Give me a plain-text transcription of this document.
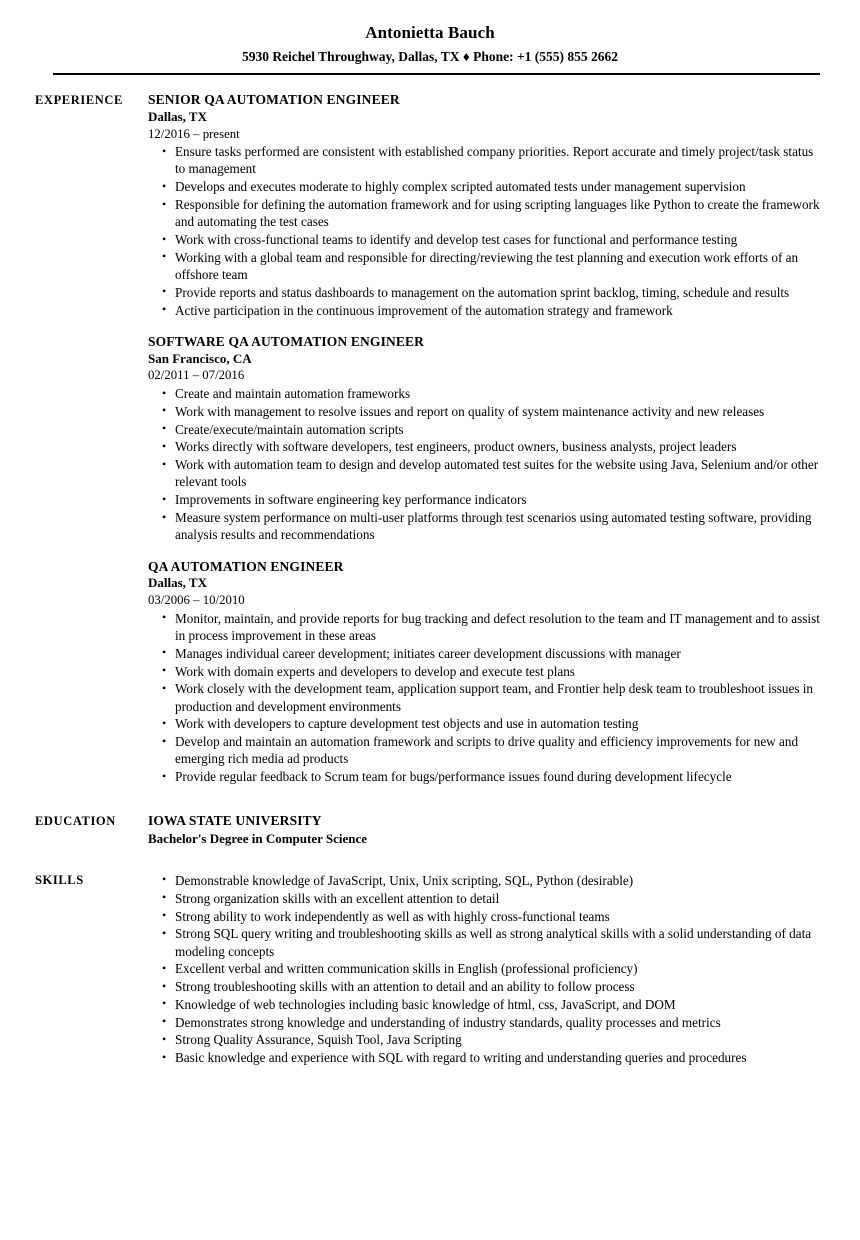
Antonietta Bauch
5930 Reichel Throughway, Dallas, TX ♦ Phone: +1 (555) 855 2662
EXPERIENCE	SENIOR QA AUTOMATION ENGINEER
Dallas, TX
12/2016 – present
• Ensure tasks performed are consistent with established company priorities. Report accurate and timely project/task status to management
• Develops and executes moderate to highly complex scripted automated tests under management supervision
• Responsible for defining the automation framework and for using scripting languages like Python to create the framework and automating the test cases
• Work with cross-functional teams to identify and develop test cases for functional and performance testing
• Working with a global team and responsible for directing/reviewing the test planning and execution work efforts of an offshore team
• Provide reports and status dashboards to management on the automation sprint backlog, timing, schedule and results
• Active participation in the continuous improvement of the automation strategy and framework
SOFTWARE QA AUTOMATION ENGINEER
San Francisco, CA
02/2011 – 07/2016
• Create and maintain automation frameworks
• Work with management to resolve issues and report on quality of system maintenance activity and new releases
• Create/execute/maintain automation scripts
• Works directly with software developers, test engineers, product owners, business analysts, project leaders
• Work with automation team to design and develop automated test suites for the website using Java, Selenium and/or other relevant tools
• Improvements in software engineering key performance indicators
• Measure system performance on multi-user platforms through test scenarios using automated testing software, providing analysis results and recommendations
QA AUTOMATION ENGINEER
Dallas, TX
03/2006 – 10/2010
• Monitor, maintain, and provide reports for bug tracking and defect resolution to the team and IT management and to assist in process improvement in these areas
• Manages individual career development; initiates career development discussions with manager
• Work with domain experts and developers to develop and execute test plans
• Work closely with the development team, application support team, and Frontier help desk team to troubleshoot issues in production and development environments
• Work with developers to capture development test objects and use in automation testing
• Develop and maintain an automation framework and scripts to drive quality and efficiency improvements for new and emerging rich media ad products
• Provide regular feedback to Scrum team for bugs/performance issues found during development lifecycle
EDUCATION	IOWA STATE UNIVERSITY
Bachelor's Degree in Computer Science
SKILLS	• Demonstrable knowledge of JavaScript, Unix, Unix scripting, SQL, Python (desirable)
• Strong organization skills with an excellent attention to detail
• Strong ability to work independently as well as with highly cross-functional teams
• Strong SQL query writing and troubleshooting skills as well as strong analytical skills with a solid understanding of data modeling concepts
• Excellent verbal and written communication skills in English (professional proficiency)
• Strong troubleshooting skills with an attention to detail and an ability to follow process
• Knowledge of web technologies including basic knowledge of html, css, JavaScript, and DOM
• Demonstrates strong knowledge and understanding of industry standards, quality processes and metrics
• Strong Quality Assurance, Squish Tool, Java Scripting
• Basic knowledge and experience with SQL with regard to writing and understanding queries and procedures
